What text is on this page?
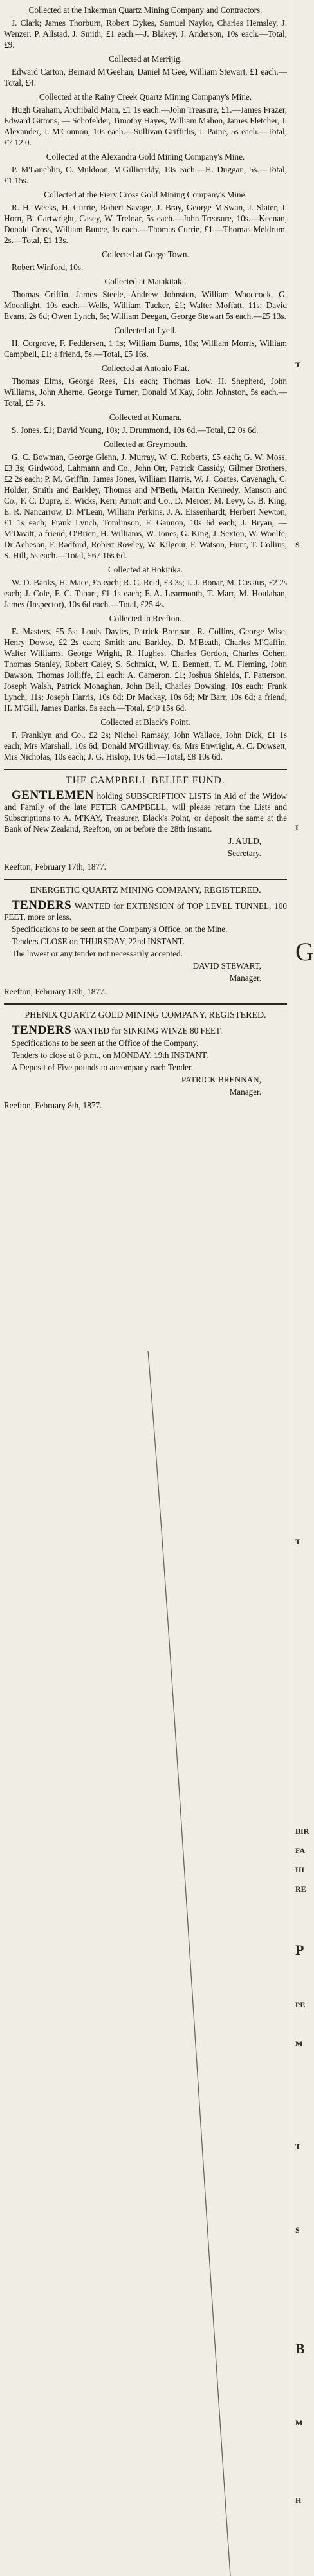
Collected at the Inkerman Quartz Mining Company and Contractors.

J. Clark; James Thorburn, Robert Dykes, Samuel Naylor, Charles Hemsley, J. Wenzer, P. Allstad, J. Smith, £1 each.—J. Blakey, J. Anderson, 10s each.—Total, £9.

Collected at Merrijig.

Edward Carton, Bernard M'Geehan, Daniel M'Gee, William Stewart, £1 each.—Total, £4.

Collected at the Rainy Creek Quartz Mining Company's Mine.

Hugh Graham, Archibald Main, £1 1s each.—John Treasure, £1.—James Frazer, Edward Gittons, — Schofelder, Timothy Hayes, William Mahon, James Fletcher, J. Alexander, J. M'Connon, 10s each.—Sullivan Griffiths, J. Paine, 5s each.—Total, £7 12 0.

Collected at the Alexandra Gold Mining Company's Mine.

P. M'Lauchlin, C. Muldoon, M'Gillicuddy, 10s each.—H. Duggan, 5s.—Total, £1 15s.

Collected at the Fiery Cross Gold Mining Company's Mine.

R. H. Weeks, H. Currie, Robert Savage, J. Bray, George M'Swan, J. Slater, J. Horn, B. Cartwright, Casey, W. Treloar, 5s each.—John Treasure, 10s.—Keenan, Donald Cross, William Bunce, 1s each.—Thomas Currie, £1.—Thomas Meldrum, 2s.—Total, £1 13s.

Collected at Gorge Town.

Robert Winford, 10s.

Collected at Matakitaki.

Thomas Griffin, James Steele, Andrew Johnston, William Woodcock, G. Moonlight, 10s each.—Wells, William Tucker, £1; Walter Moffatt, 11s; David Evans, 2s 6d; Owen Lynch, 6s; William Deegan, George Stewart 5s each.—£5 13s.

Collected at Lyell.

H. Corgrove, F. Feddersen, 1 1s; William Burns, 10s; William Morris, William Campbell, £1; a friend, 5s.—Total, £5 16s.

Collected at Antonio Flat.

Thomas Elms, George Rees, £1s each; Thomas Low, H. Shepherd, John Williams, John Aherne, George Turner, Donald M'Kay, John Johnston, 5s each.—Total, £5 7s.

Collected at Kumara.

S. Jones, £1; David Young, 10s; J. Drummond, 10s 6d.—Total, £2 0s 6d.

Collected at Greymouth.

G. C. Bowman, George Glenn, J. Murray, W. C. Roberts, £5 each; G. W. Moss, £3 3s; Girdwood, Lahmann and Co., John Orr, Patrick Cassidy, Gilmer Brothers, £2 2s each; P. M. Griffin, James Jones, William Harris, W. J. Coates, Cavenagh, C. Holder, Smith and Barkley, Thomas and M'Beth, Martin Kennedy, Manson and Co., F. C. Dupre, E. Wicks, Kerr, Arnott and Co., D. Mercer, M. Levy, G. B. King, E. R. Nancarrow, D. M'Lean, William Perkins, J. A. Eissenhardt, Herbert Newton, £1 1s each; Frank Lynch, Tomlinson, F. Gannon, 10s 6d each; J. Bryan, — M'Davitt, a friend, O'Brien, H. Williams, W. Jones, G. King, J. Sexton, W. Woolfe, Dr Acheson, F. Radford, Robert Rowley, W. Kilgour, F. Watson, Hunt, T. Collins, S. Hill, 5s each.—Total, £67 16s 6d.

Collected at Hokitika.

W. D. Banks, H. Mace, £5 each; R. C. Reid, £3 3s; J. J. Bonar, M. Cassius, £2 2s each; J. Cole, F. C. Tabart, £1 1s each; F. A. Learmonth, T. Marr, M. Houlahan, James (Inspector), 10s 6d each.—Total, £25 4s.

Collected in Reefton.

E. Masters, £5 5s; Louis Davies, Patrick Brennan, R. Collins, George Wise, Henry Dowse, £2 2s each; Smith and Barkley, D. M'Beath, Charles M'Caffin, Walter Williams, George Wright, R. Hughes, Charles Gordon, Charles Cohen, Thomas Stanley, Robert Caley, S. Schmidt, W. E. Bennett, T. M. Fleming, John Dawson, Thomas Jolliffe, £1 each; A. Cameron, £1; Joshua Shields, F. Patterson, Joseph Walsh, Patrick Monaghan, John Bell, Charles Dowsing, 10s each; Frank Lynch, 11s; Joseph Harris, 10s 6d; Dr Mackay, 10s 6d; Mr Barr, 10s 6d; a friend, H. M'Gill, James Danks, 5s each.—Total, £40 15s 6d.

Collected at Black's Point.

F. Franklyn and Co., £2 2s; Nichol Ramsay, John Wallace, John Dick, £1 1s each; Mrs Marshall, 10s 6d; Donald M'Gillivray, 6s; Mrs Enwright, A. C. Dowsett, Mrs Nicholas, 10s each; J. G. Hislop, 10s 6d.—Total, £8 10s 6d.

THE CAMPBELL BELIEF FUND.

GENTLEMEN holding SUBSCRIPTION LISTS in Aid of the Widow and Family of the late PETER CAMPBELL, will please return the Lists and Subscriptions to A. M'KAY, Treasurer, Black's Point, or deposit the same at the Bank of New Zealand, Reefton, on or before the 28th instant.

J. AULD,

Secretary.

Reefton, February 17th, 1877.

ENERGETIC QUARTZ MINING COMPANY, REGISTERED.

TENDERS WANTED for EXTENSION of TOP LEVEL TUNNEL, 100 FEET, more or less.

Specifications to be seen at the Company's Office, on the Mine.

Tenders CLOSE on THURSDAY, 22nd INSTANT.

The lowest or any tender not necessarily accepted.

DAVID STEWART,

Manager.

Reefton, February 13th, 1877.

PHENIX QUARTZ GOLD MINING COMPANY, REGISTERED.

TENDERS WANTED for SINKING WINZE 80 FEET.

Specifications to be seen at the Office of the Company.

Tenders to close at 8 p.m., on MONDAY, 19th INSTANT.

A Deposit of Five pounds to accompany each Tender.

PATRICK BRENNAN,

Manager.

Reefton, February 8th, 1877.

T
S
I
G
T
BIR
FA
HI
RE
P
PE
M
T
S
B
M
H
